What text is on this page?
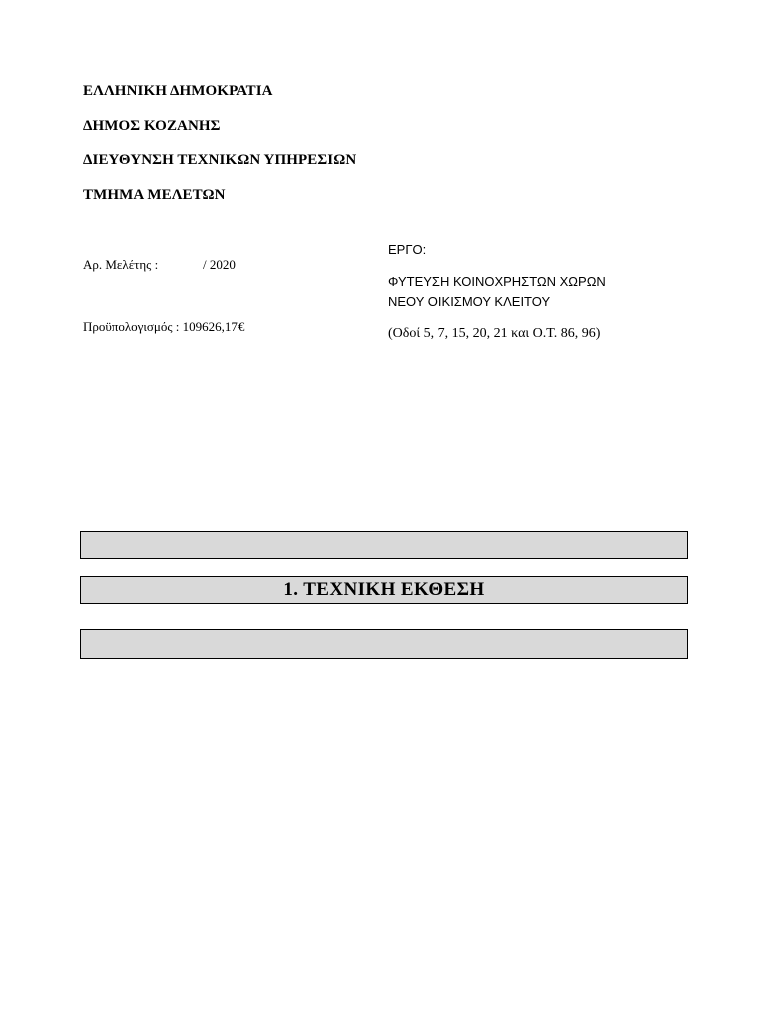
ΕΛΛΗΝΙΚΗ ΔΗΜΟΚΡΑΤΙΑ
ΔΗΜΟΣ ΚΟΖΑΝΗΣ
ΔΙΕΥΘΥΝΣΗ ΤΕΧΝΙΚΩΝ ΥΠΗΡΕΣΙΩΝ
ΤΜΗΜΑ ΜΕΛΕΤΩΝ
Αρ. Μελέτης :	/ 2020
Προϋπολογισμός : 109626,17€
ΕΡΓΟ:
ΦΥΤΕΥΣΗ ΚΟΙΝΟΧΡΗΣΤΩΝ ΧΩΡΩΝ
ΝΕΟΥ ΟΙΚΙΣΜΟΥ ΚΛΕΙΤΟΥ
(Οδοί 5, 7, 15, 20, 21 και Ο.Τ. 86, 96)
1. ΤΕΧΝΙΚΗ ΕΚΘΕΣΗ
